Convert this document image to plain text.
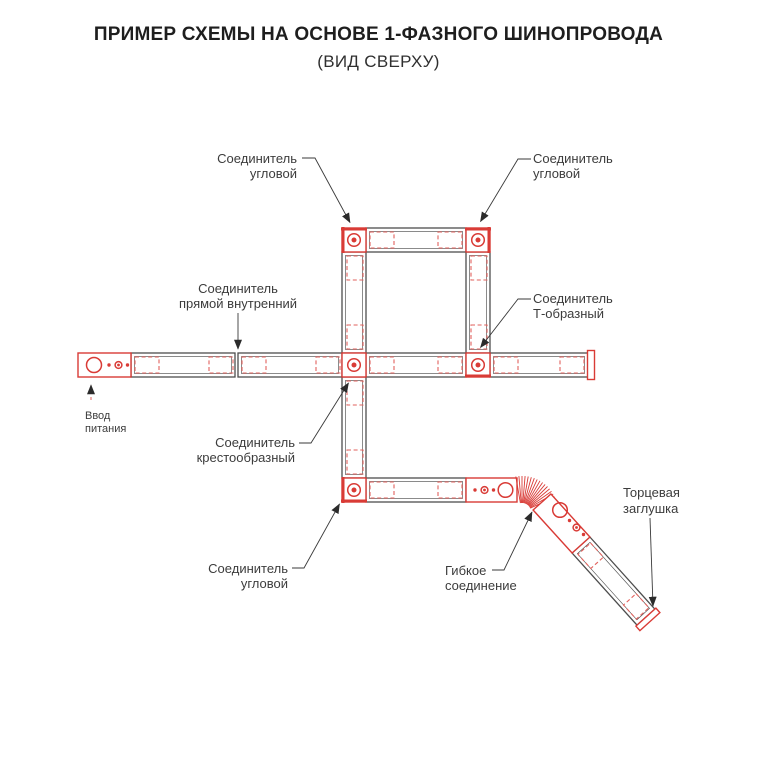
ПРИМЕР СХЕМЫ НА ОСНОВЕ 1-ФАЗНОГО ШИНОПРОВОДА
(ВИД СВЕРХУ)
Соединитель
угловой
Соединитель
угловой
Соединитель
прямой внутренний	Соединитель
Т-образный
Соединитель
крестообразный
Соединитель
угловой
Гибкое
соединение
Торцевая
заглушка
Ввод
питания
